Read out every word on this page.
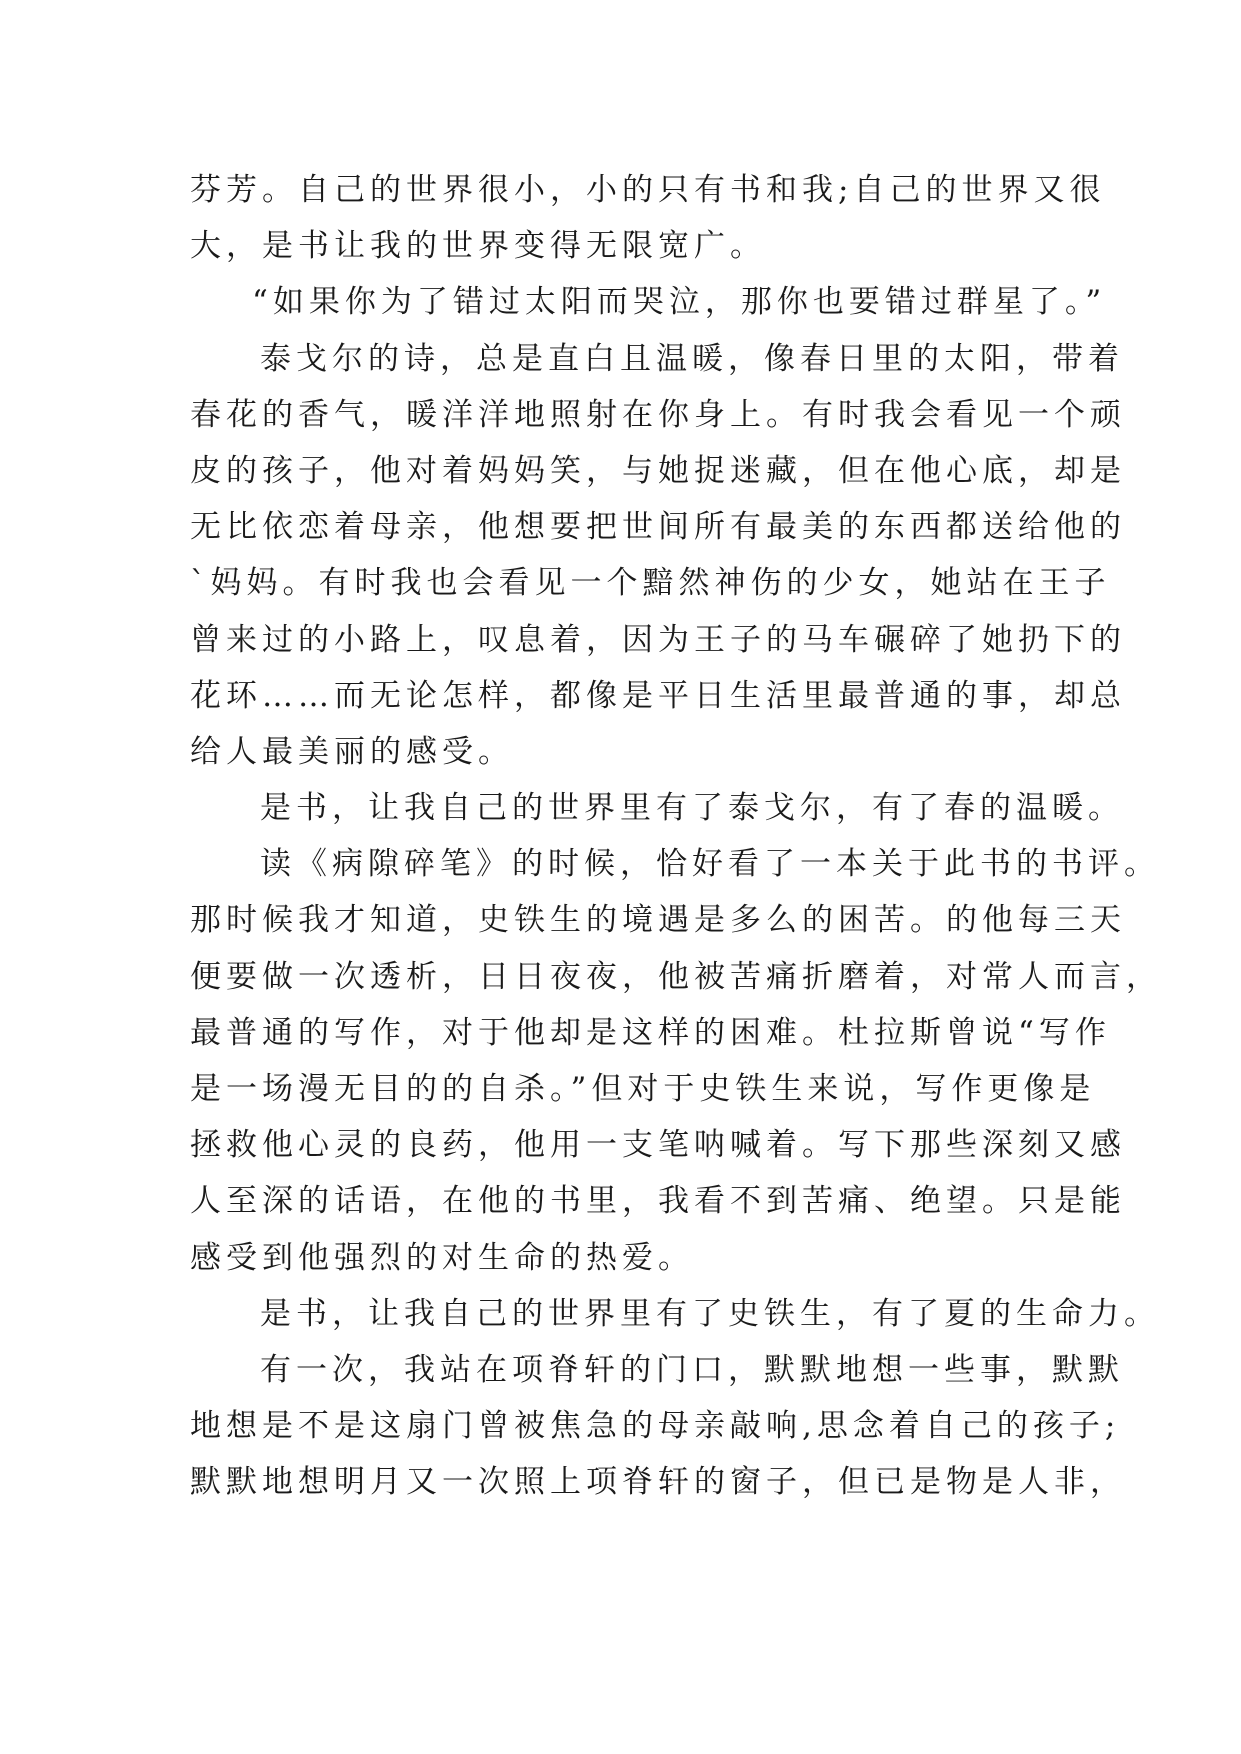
芬芳。自己的世界很小，小的只有书和我;自己的世界又很
大，是书让我的世界变得无限宽广。
“如果你为了错过太阳而哭泣，那你也要错过群星了。”
泰戈尔的诗，总是直白且温暖，像春日里的太阳，带着
春花的香气，暖洋洋地照射在你身上。有时我会看见一个顽
皮的孩子，他对着妈妈笑，与她捉迷藏，但在他心底，却是
无比依恋着母亲，他想要把世间所有最美的东西都送给他的
`妈妈。有时我也会看见一个黯然神伤的少女，她站在王子
曾来过的小路上，叹息着，因为王子的马车碾碎了她扔下的
花环……而无论怎样，都像是平日生活里最普通的事，却总
给人最美丽的感受。
是书，让我自己的世界里有了泰戈尔，有了春的温暖。
读《病隙碎笔》的时候，恰好看了一本关于此书的书评。
那时候我才知道，史铁生的境遇是多么的困苦。的他每三天
便要做一次透析，日日夜夜，他被苦痛折磨着，对常人而言，
最普通的写作，对于他却是这样的困难。杜拉斯曾说“写作
是一场漫无目的的自杀。”但对于史铁生来说，写作更像是
拯救他心灵的良药，他用一支笔呐喊着。写下那些深刻又感
人至深的话语，在他的书里，我看不到苦痛、绝望。只是能
感受到他强烈的对生命的热爱。
是书，让我自己的世界里有了史铁生，有了夏的生命力。
有一次，我站在项脊轩的门口，默默地想一些事，默默
地想是不是这扇门曾被焦急的母亲敲响,思念着自己的孩子;
默默地想明月又一次照上项脊轩的窗子，但已是物是人非，
